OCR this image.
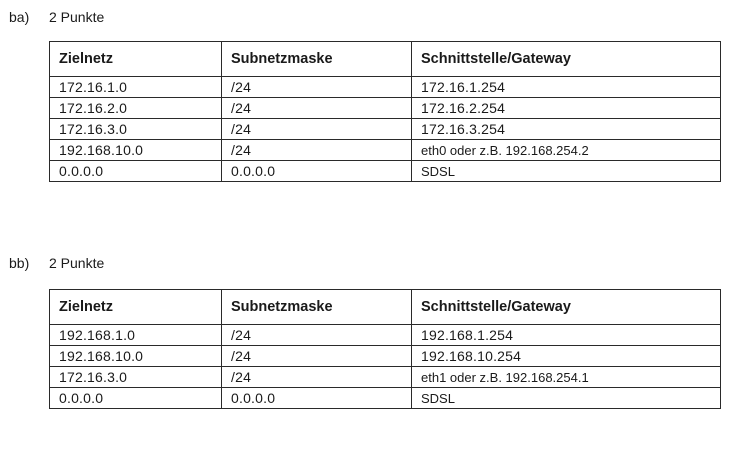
ba) 2 Punkte
Zielnetz	Subnetzmaske	Schnittstelle/Gateway
172.16.1.0	/24	172.16.1.254
172.16.2.0	/24	172.16.2.254
172.16.3.0	/24	172.16.3.254
192.168.10.0	/24	eth0 oder z.B. 192.168.254.2
0.0.0.0	0.0.0.0	SDSL
bb) 2 Punkte
Zielnetz	Subnetzmaske	Schnittstelle/Gateway
192.168.1.0	/24	192.168.1.254
192.168.10.0	/24	192.168.10.254
172.16.3.0	/24	eth1 oder z.B. 192.168.254.1
0.0.0.0	0.0.0.0	SDSL
